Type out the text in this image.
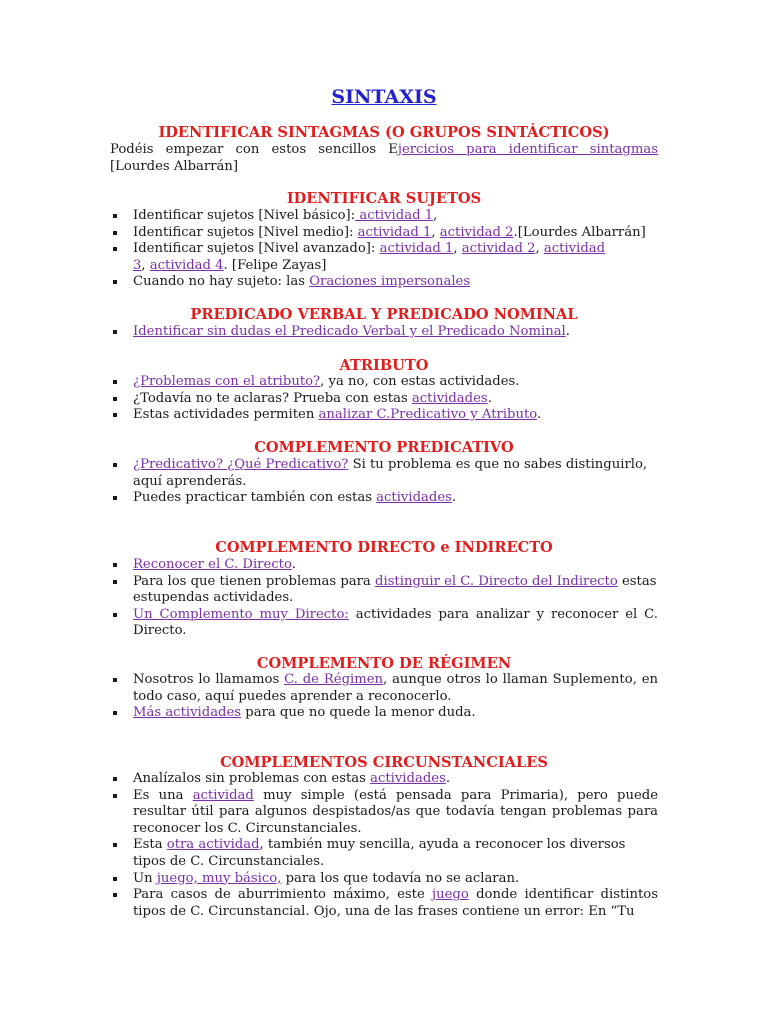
SINTAXIS
IDENTIFICAR SINTAGMAS (O GRUPOS SINTÁCTICOS)

Podéis empezar con estos sencillos Ejercicios para identificar sintagmas [Lourdes Albarrán]

IDENTIFICAR SUJETOS
Identificar sujetos [Nivel básico]: actividad 1,
Identificar sujetos [Nivel medio]: actividad 1, actividad 2.[Lourdes Albarrán]
Identificar sujetos [Nivel avanzado]: actividad 1, actividad 2, actividad 3, actividad 4. [Felipe Zayas]
Cuando no hay sujeto: las Oraciones impersonales
PREDICADO VERBAL Y PREDICADO NOMINAL
Identificar sin dudas el Predicado Verbal y el Predicado Nominal.
ATRIBUTO
¿Problemas con el atributo?, ya no, con estas actividades.
¿Todavía no te aclaras? Prueba con estas actividades.
Estas actividades permiten analizar C.Predicativo y Atributo.
COMPLEMENTO PREDICATIVO
¿Predicativo? ¿Qué Predicativo? Si tu problema es que no sabes distinguirlo, aquí aprenderás.
Puedes practicar también con estas actividades.
COMPLEMENTO DIRECTO e INDIRECTO
Reconocer el C. Directo.
Para los que tienen problemas para distinguir el C. Directo del Indirecto estas estupendas actividades.
Un Complemento muy Directo: actividades para analizar y reconocer el C. Directo.
COMPLEMENTO DE RÉGIMEN
Nosotros lo llamamos C. de Régimen, aunque otros lo llaman Suplemento, en todo caso, aquí puedes aprender a reconocerlo.
Más actividades para que no quede la menor duda.
COMPLEMENTOS CIRCUNSTANCIALES
Analízalos sin problemas con estas actividades.
Es una actividad muy simple (está pensada para Primaria), pero puede resultar útil para algunos despistados/as que todavía tengan problemas para reconocer los C. Circunstanciales.
Esta otra actividad, también muy sencilla, ayuda a reconocer los diversos tipos de C. Circunstanciales.
Un juego, muy básico, para los que todavía no se aclaran.
Para casos de aburrimiento máximo, este juego donde identificar distintos tipos de C. Circunstancial. Ojo, una de las frases contiene un error: En “Tu
